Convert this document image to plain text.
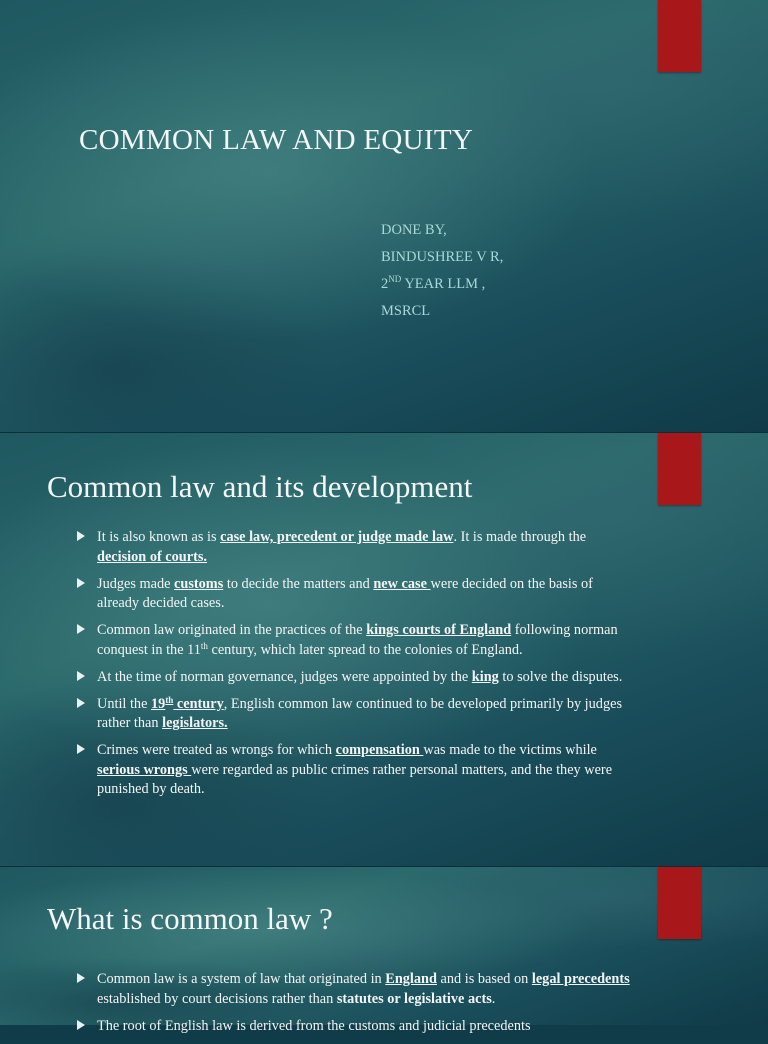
COMMON LAW AND EQUITY
DONE BY,
BINDUSHREE V R,
2ND YEAR LLM ,
MSRCL
Common law and its development
It is also known as is case law, precedent or judge made law. It is made through the decision of courts.
Judges made customs to decide the matters and new case were decided on the basis of already decided cases.
Common law originated in the practices of the kings courts of England following norman conquest in the 11th century, which later spread to the colonies of England.
At the time of norman governance, judges were appointed by the king to solve the disputes.
Until the 19th century, English common law continued to be developed primarily by judges rather than legislators.
Crimes were treated as wrongs for which compensation was made to the victims while serious wrongs were regarded as public crimes rather personal matters, and the they were punished by death.
What is common law ?
Common law is a system of law that originated in England and is based on legal precedents established by court decisions rather than statutes or legislative acts.
The root of English law is derived from the customs and judicial precedents
